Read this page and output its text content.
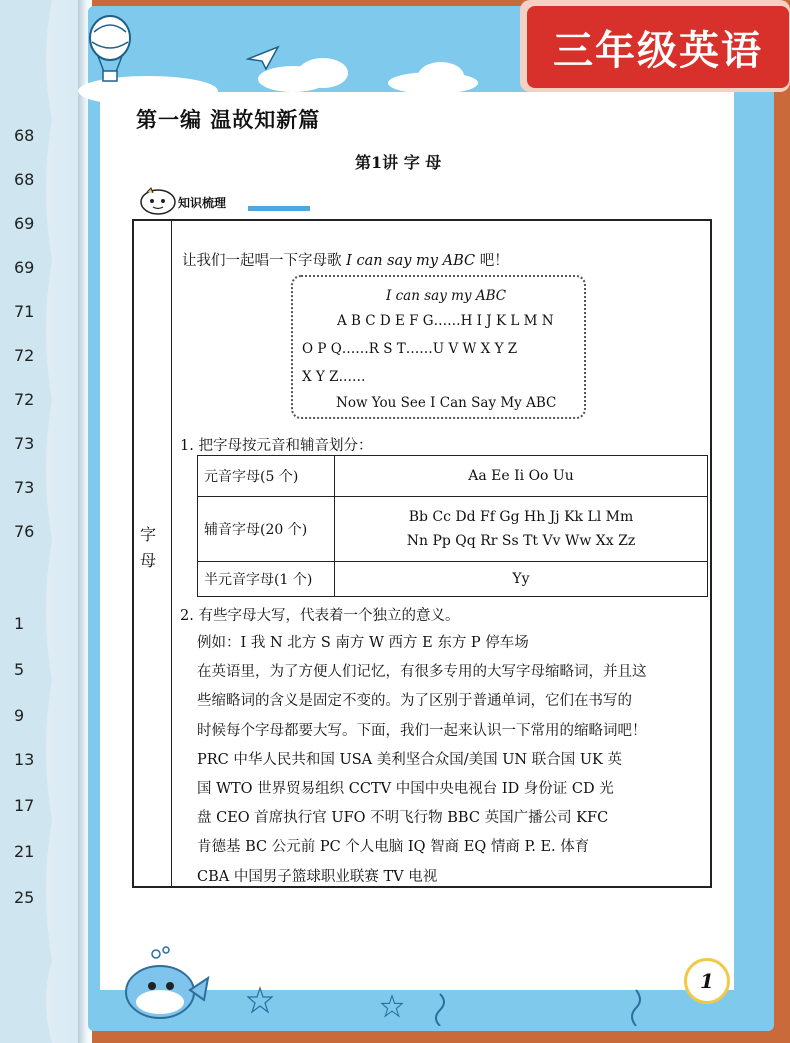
68
68
69
69
71
72
72
73
73
76
1
5
9
13
17
21
25
三年级英语
第一编 温故知新篇
第1讲 字 母
知识梳理
字
母
让我们一起唱一下字母歌 I can say my ABC 吧！
I can say my ABC
A B C D E F G……H I J K L M N
O P Q……R S T……U V W X Y Z
X Y Z……
Now You See I Can Say My ABC
1. 把字母按元音和辅音划分：
元音字母(5 个)	Aa Ee Ii Oo Uu
辅音字母(20 个)	Bb Cc Dd Ff Gg Hh Jj Kk Ll Mm
Nn Pp Qq Rr Ss Tt Vv Ww Xx Zz

半元音字母(1 个)	Yy
2. 有些字母大写，代表着一个独立的意义。
例如：I 我 N 北方 S 南方 W 西方 E 东方 P 停车场
在英语里，为了方便人们记忆，有很多专用的大写字母缩略词，并且这
些缩略词的含义是固定不变的。为了区别于普通单词，它们在书写的
时候每个字母都要大写。下面，我们一起来认识一下常用的缩略词吧！
PRC 中华人民共和国 USA 美利坚合众国/美国 UN 联合国 UK 英
国 WTO 世界贸易组织 CCTV 中国中央电视台 ID 身份证 CD 光
盘 CEO 首席执行官 UFO 不明飞行物 BBC 英国广播公司 KFC
肯德基 BC 公元前 PC 个人电脑 IQ 智商 EQ 情商 P. E. 体育
CBA 中国男子篮球职业联赛 TV 电视
1
